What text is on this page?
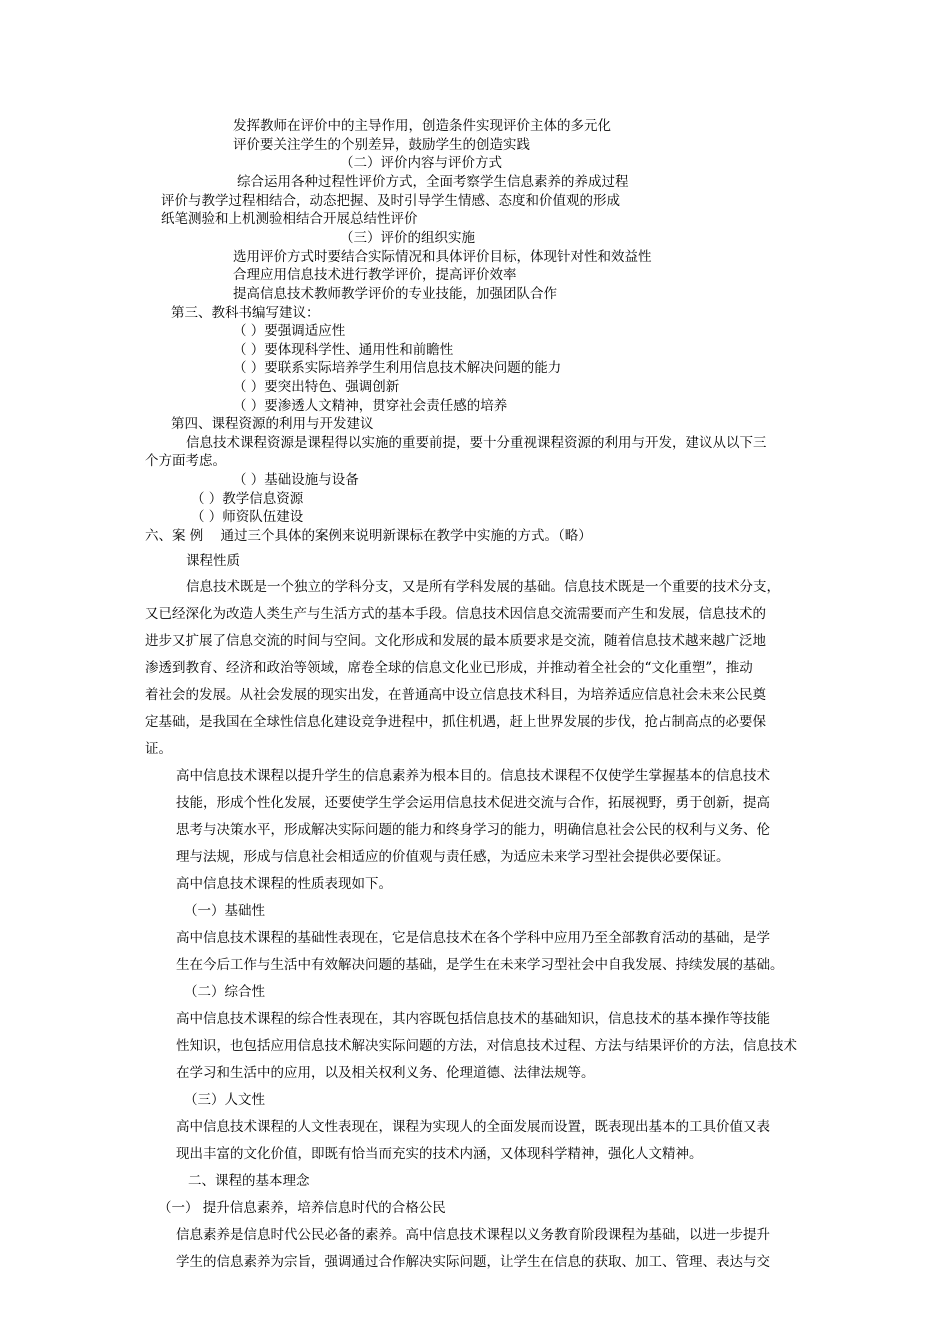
发挥教师在评价中的主导作用，创造条件实现评价主体的多元化
评价要关注学生的个别差异，鼓励学生的创造实践
（二）评价内容与评价方式
综合运用各种过程性评价方式，全面考察学生信息素养的养成过程
评价与教学过程相结合，动态把握、及时引导学生情感、态度和价值观的形成
纸笔测验和上机测验相结合开展总结性评价
（三）评价的组织实施
选用评价方式时要结合实际情况和具体评价目标，体现针对性和效益性
合理应用信息技术进行教学评价，提高评价效率
提高信息技术教师教学评价的专业技能，加强团队合作
第三、教科书编写建议：
（ ）要强调适应性
（ ）要体现科学性、通用性和前瞻性
（ ）要联系实际培养学生利用信息技术解决问题的能力
（ ）要突出特色、强调创新
（ ）要渗透人文精神，贯穿社会责任感的培养
第四、课程资源的利用与开发建议
信息技术课程资源是课程得以实施的重要前提，要十分重视课程资源的利用与开发，建议从以下三
个方面考虑。
（ ）基础设施与设备
（ ）教学信息资源
（ ）师资队伍建设
六、案 例    通过三个具体的案例来说明新课标在教学中实施的方式。（略）
课程性质
信息技术既是一个独立的学科分支，又是所有学科发展的基础。信息技术既是一个重要的技术分支，
又已经深化为改造人类生产与生活方式的基本手段。信息技术因信息交流需要而产生和发展，信息技术的
进步又扩展了信息交流的时间与空间。文化形成和发展的最本质要求是交流，随着信息技术越来越广泛地
渗透到教育、经济和政治等领域，席卷全球的信息文化业已形成，并推动着全社会的“文化重塑”，推动
着社会的发展。从社会发展的现实出发，在普通高中设立信息技术科目，为培养适应信息社会未来公民奠
定基础，是我国在全球性信息化建设竞争进程中，抓住机遇，赶上世界发展的步伐，抢占制高点的必要保
证。
高中信息技术课程以提升学生的信息素养为根本目的。信息技术课程不仅使学生掌握基本的信息技术
技能，形成个性化发展，还要使学生学会运用信息技术促进交流与合作，拓展视野，勇于创新，提高
思考与决策水平，形成解决实际问题的能力和终身学习的能力，明确信息社会公民的权利与义务、伦
理与法规，形成与信息社会相适应的价值观与责任感，为适应未来学习型社会提供必要保证。
高中信息技术课程的性质表现如下。
（一）基础性
高中信息技术课程的基础性表现在，它是信息技术在各个学科中应用乃至全部教育活动的基础，是学
生在今后工作与生活中有效解决问题的基础，是学生在未来学习型社会中自我发展、持续发展的基础。
（二）综合性
高中信息技术课程的综合性表现在，其内容既包括信息技术的基础知识，信息技术的基本操作等技能
性知识，也包括应用信息技术解决实际问题的方法，对信息技术过程、方法与结果评价的方法，信息技术
在学习和生活中的应用，以及相关权利义务、伦理道德、法律法规等。
（三）人文性
高中信息技术课程的人文性表现在，课程为实现人的全面发展而设置，既表现出基本的工具价值又表
现出丰富的文化价值，即既有恰当而充实的技术内涵，又体现科学精神，强化人文精神。
二、课程的基本理念
（一） 提升信息素养，培养信息时代的合格公民
信息素养是信息时代公民必备的素养。高中信息技术课程以义务教育阶段课程为基础，以进一步提升
学生的信息素养为宗旨，强调通过合作解决实际问题，让学生在信息的获取、加工、管理、表达与交
